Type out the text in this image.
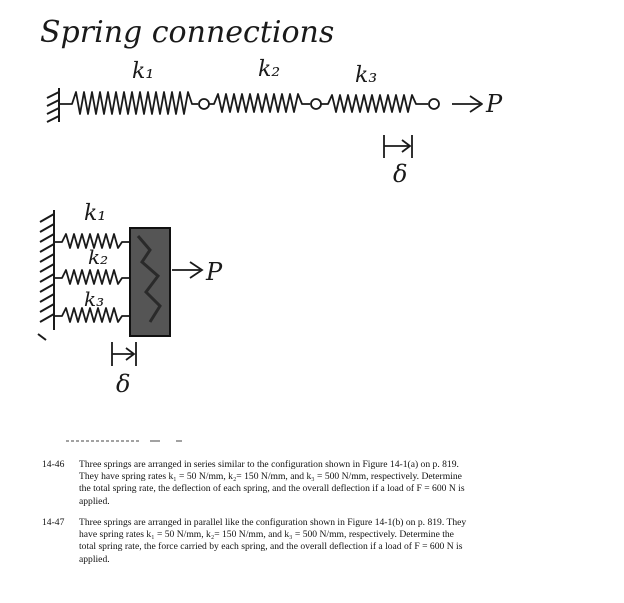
Spring connections
k₁	k₂	k₃
P
δ
k₁
k₂
k₃
P
δ
14-46	Three springs are arranged in series similar to the configuration shown in Figure 14-1(a) on p. 819. They have spring rates k₁ = 50 N/mm, k₂= 150 N/mm, and k₃ = 500 N/mm, respectively. Determine the total spring rate, the deflection of each spring, and the overall deflection if a load of F = 600 N is applied.
14-47	Three springs are arranged in parallel like the configuration shown in Figure 14-1(b) on p. 819. They have spring rates k₁ = 50 N/mm, k₂= 150 N/mm, and k₃ = 500 N/mm, respectively. Determine the total spring rate, the force carried by each spring, and the overall deflection if a load of F = 600 N is applied.
